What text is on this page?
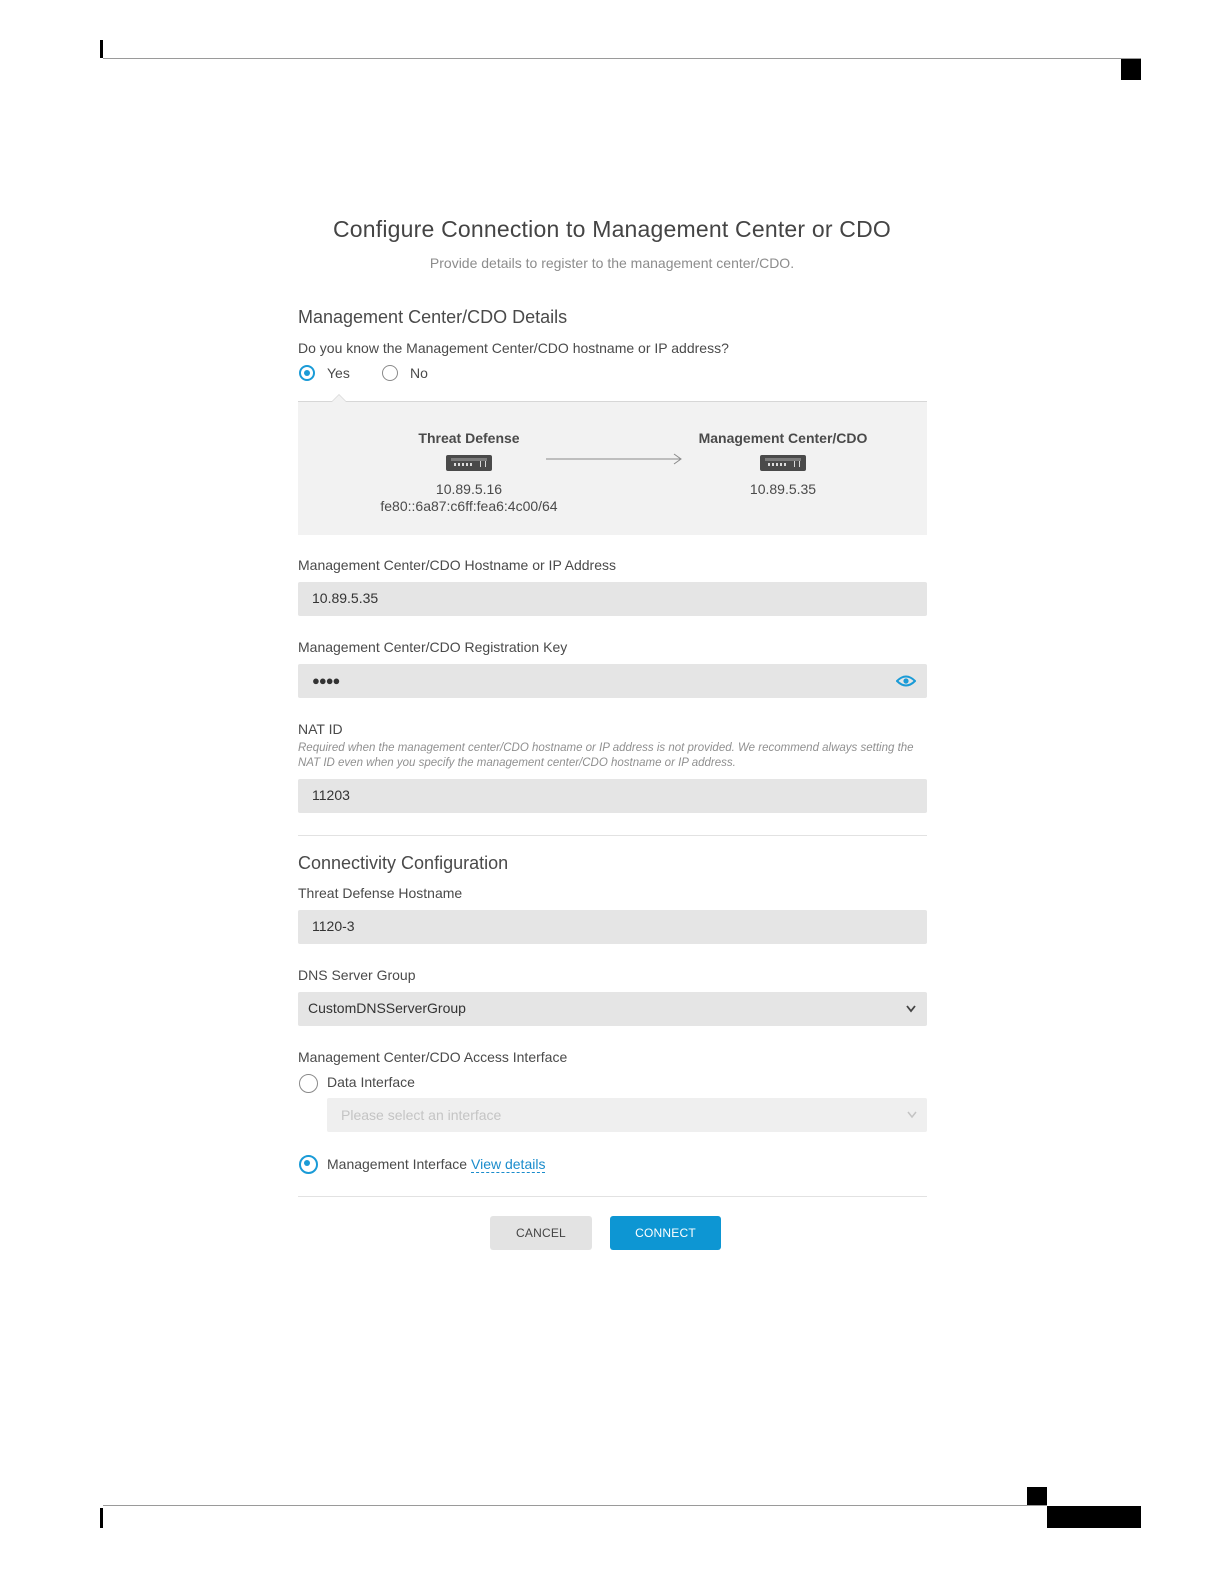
Configure Connection to Management Center or CDO
Provide details to register to the management center/CDO.
Management Center/CDO Details
Do you know the Management Center/CDO hostname or IP address?
Yes	No
Threat Defense
10.89.5.16
fe80::6a87:c6ff:fea6:4c00/64
Management Center/CDO
10.89.5.35
Management Center/CDO Hostname or IP Address
10.89.5.35
Management Center/CDO Registration Key
●●●●
NAT ID
Required when the management center/CDO hostname or IP address is not provided. We recommend always setting the NAT ID even when you specify the management center/CDO hostname or IP address.
11203
Connectivity Configuration
Threat Defense Hostname
1120-3
DNS Server Group
CustomDNSServerGroup
Management Center/CDO Access Interface
Data Interface
Please select an interface
Management Interface View details
CANCEL	CONNECT
